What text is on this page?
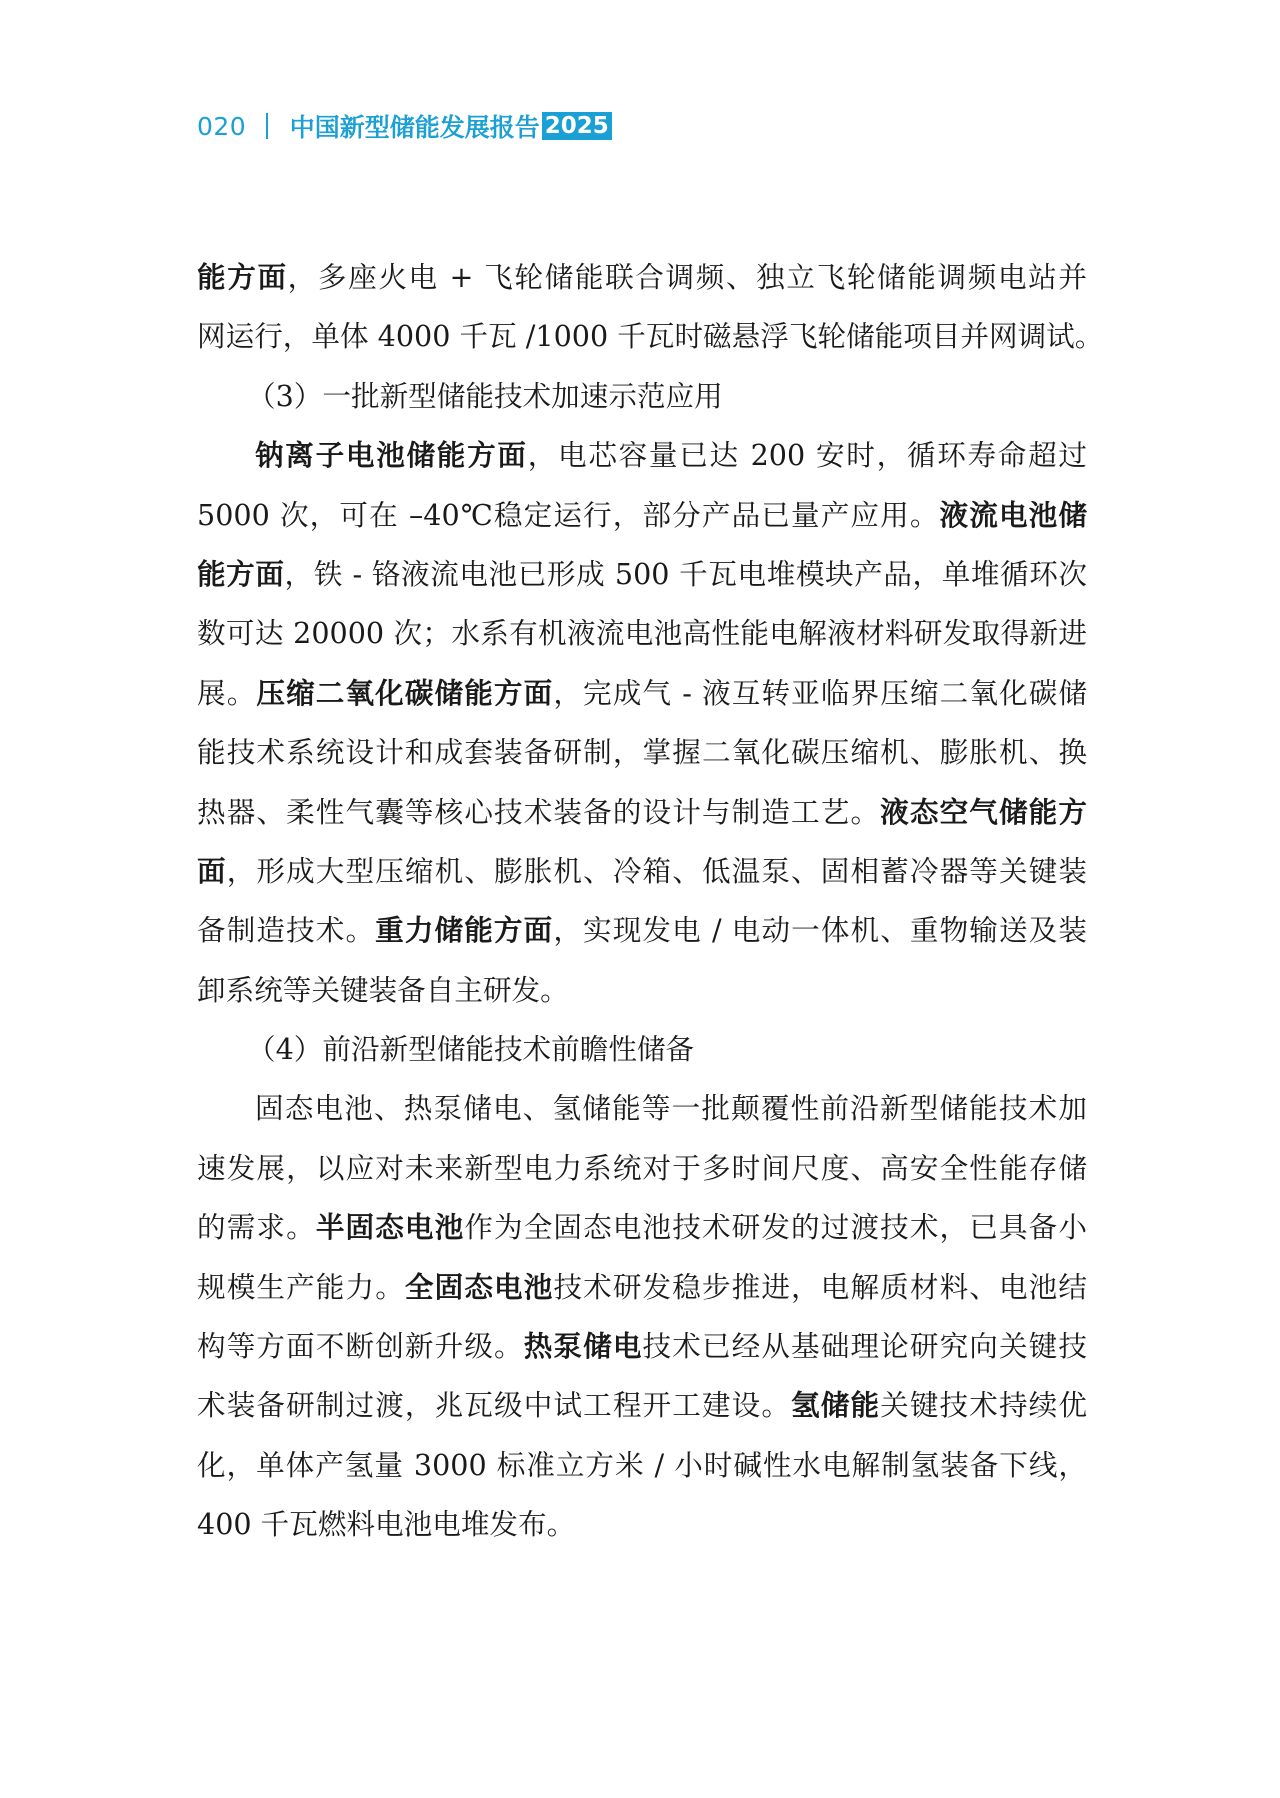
020 中国新型储能发展报告 2025
能方面，多座火电 + 飞轮储能联合调频、独立飞轮储能调频电站并
网运行，单体 4000 千瓦 /1000 千瓦时磁悬浮飞轮储能项目并网调试。
（3）一批新型储能技术加速示范应用
钠离子电池储能方面，电芯容量已达 200 安时，循环寿命超过
5000 次，可在 –40℃稳定运行，部分产品已量产应用。液流电池储
能方面，铁 - 铬液流电池已形成 500 千瓦电堆模块产品，单堆循环次
数可达 20000 次；水系有机液流电池高性能电解液材料研发取得新进
展。压缩二氧化碳储能方面，完成气 - 液互转亚临界压缩二氧化碳储
能技术系统设计和成套装备研制，掌握二氧化碳压缩机、膨胀机、换
热器、柔性气囊等核心技术装备的设计与制造工艺。液态空气储能方
面，形成大型压缩机、膨胀机、冷箱、低温泵、固相蓄冷器等关键装
备制造技术。重力储能方面，实现发电 / 电动一体机、重物输送及装
卸系统等关键装备自主研发。
（4）前沿新型储能技术前瞻性储备
固态电池、热泵储电、氢储能等一批颠覆性前沿新型储能技术加
速发展，以应对未来新型电力系统对于多时间尺度、高安全性能存储
的需求。半固态电池作为全固态电池技术研发的过渡技术，已具备小
规模生产能力。全固态电池技术研发稳步推进，电解质材料、电池结
构等方面不断创新升级。热泵储电技术已经从基础理论研究向关键技
术装备研制过渡，兆瓦级中试工程开工建设。氢储能关键技术持续优
化，单体产氢量 3000 标准立方米 / 小时碱性水电解制氢装备下线，
400 千瓦燃料电池电堆发布。
